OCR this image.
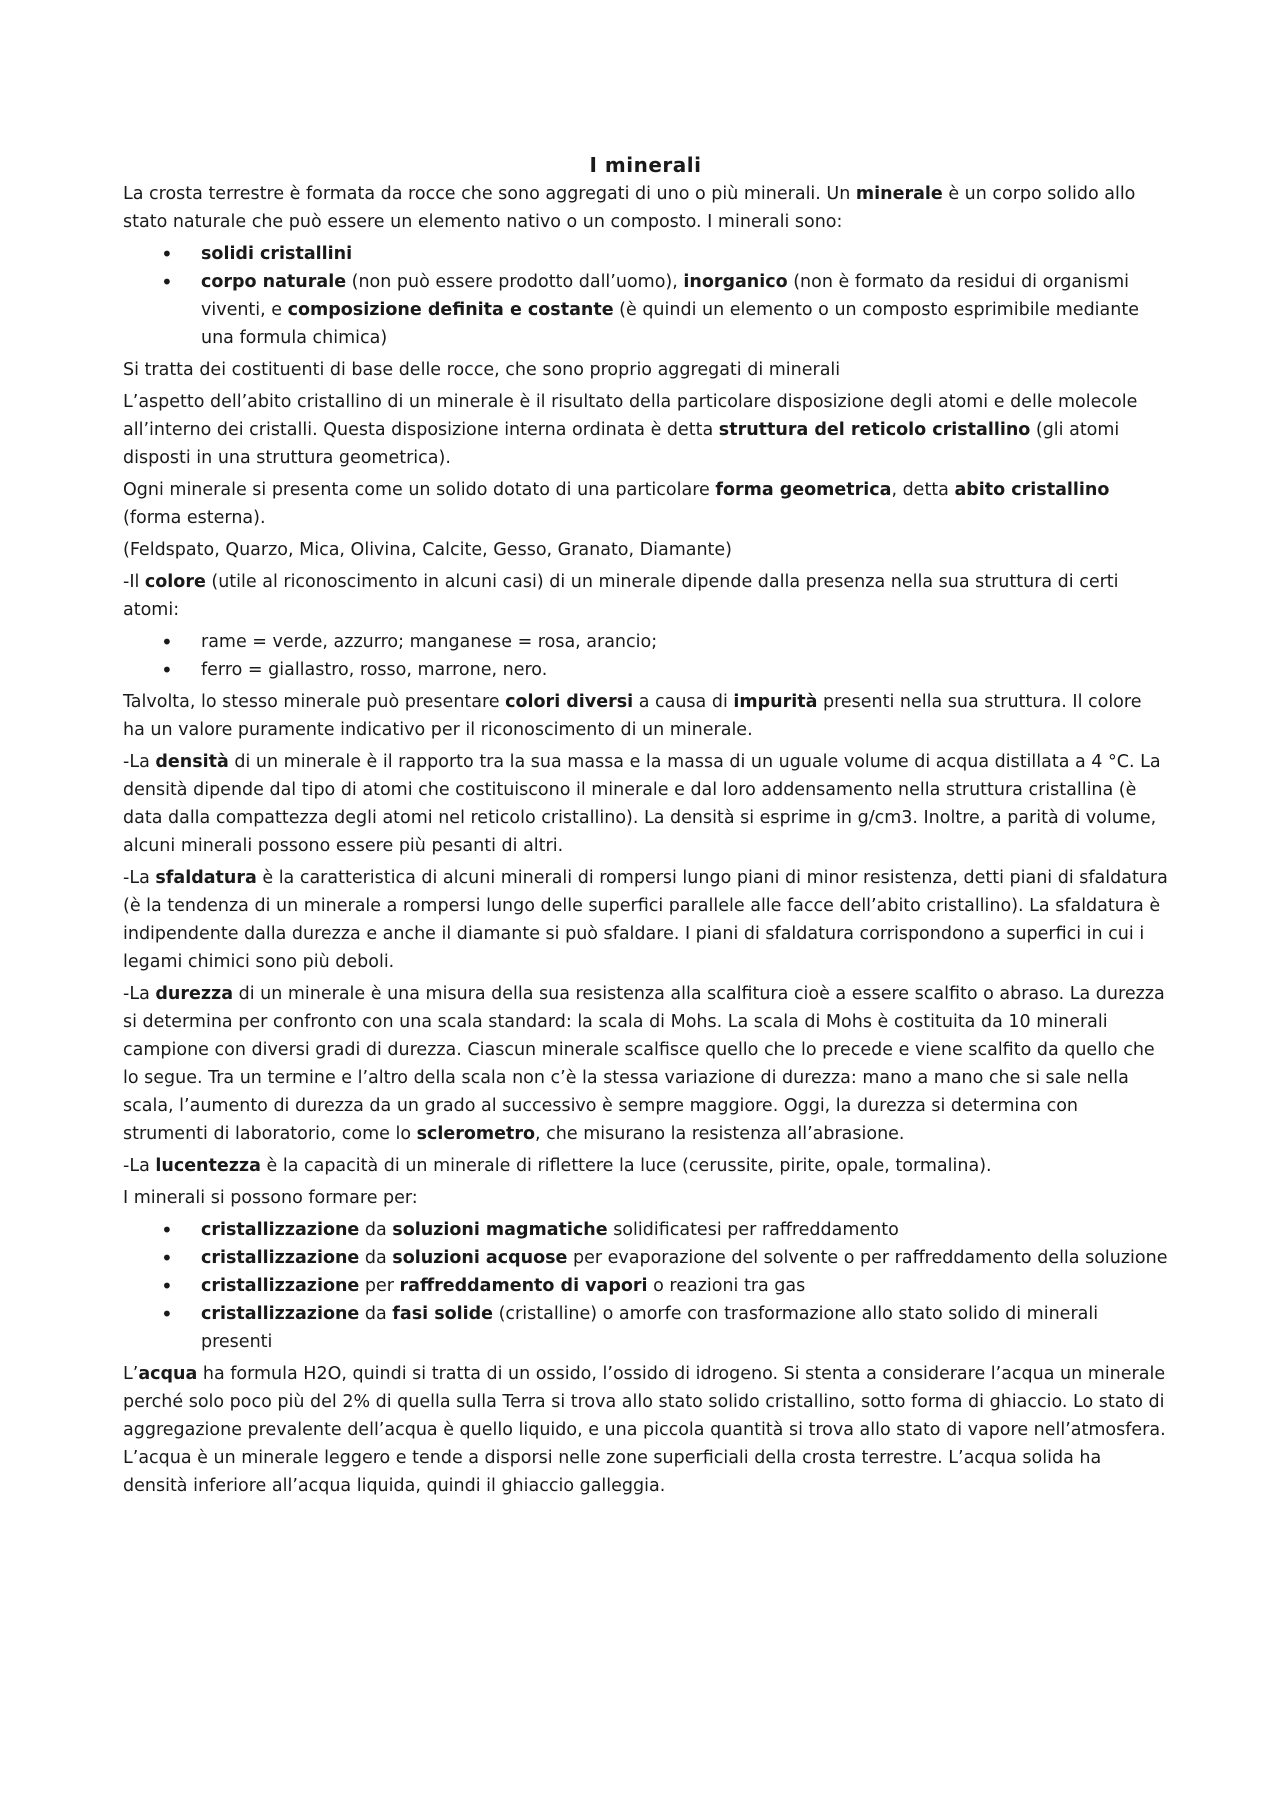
I minerali

La crosta terrestre è formata da rocce che sono aggregati di uno o più minerali. Un minerale è un corpo solido allo stato naturale che può essere un elemento nativo o un composto. I minerali sono:

• solidi cristallini
• corpo naturale (non può essere prodotto dall’uomo), inorganico (non è formato da residui di organismi viventi, e composizione definita e costante (è quindi un elemento o un composto esprimibile mediante una formula chimica)

Si tratta dei costituenti di base delle rocce, che sono proprio aggregati di minerali

L’aspetto dell’abito cristallino di un minerale è il risultato della particolare disposizione degli atomi e delle molecole all’interno dei cristalli. Questa disposizione interna ordinata è detta struttura del reticolo cristallino (gli atomi disposti in una struttura geometrica).

Ogni minerale si presenta come un solido dotato di una particolare forma geometrica, detta abito cristallino (forma esterna).

(Feldspato, Quarzo, Mica, Olivina, Calcite, Gesso, Granato, Diamante)

-Il colore (utile al riconoscimento in alcuni casi) di un minerale dipende dalla presenza nella sua struttura di certi atomi:

• rame = verde, azzurro; manganese = rosa, arancio;
• ferro = giallastro, rosso, marrone, nero.

Talvolta, lo stesso minerale può presentare colori diversi a causa di impurità presenti nella sua struttura. Il colore ha un valore puramente indicativo per il riconoscimento di un minerale.

-La densità di un minerale è il rapporto tra la sua massa e la massa di un uguale volume di acqua distillata a 4 °C. La densità dipende dal tipo di atomi che costituiscono il minerale e dal loro addensamento nella struttura cristallina (è data dalla compattezza degli atomi nel reticolo cristallino). La densità si esprime in g/cm3. Inoltre, a parità di volume, alcuni minerali possono essere più pesanti di altri.

-La sfaldatura è la caratteristica di alcuni minerali di rompersi lungo piani di minor resistenza, detti piani di sfaldatura (è la tendenza di un minerale a rompersi lungo delle superfici parallele alle facce dell’abito cristallino). La sfaldatura è indipendente dalla durezza e anche il diamante si può sfaldare. I piani di sfaldatura corrispondono a superfici in cui i legami chimici sono più deboli.

-La durezza di un minerale è una misura della sua resistenza alla scalfitura cioè a essere scalfito o abraso. La durezza si determina per confronto con una scala standard: la scala di Mohs. La scala di Mohs è costituita da 10 minerali campione con diversi gradi di durezza. Ciascun minerale scalfisce quello che lo precede e viene scalfito da quello che lo segue. Tra un termine e l’altro della scala non c’è la stessa variazione di durezza: mano a mano che si sale nella scala, l’aumento di durezza da un grado al successivo è sempre maggiore. Oggi, la durezza si determina con strumenti di laboratorio, come lo sclerometro, che misurano la resistenza all’abrasione.

-La lucentezza è la capacità di un minerale di riflettere la luce (cerussite, pirite, opale, tormalina).

I minerali si possono formare per:

• cristallizzazione da soluzioni magmatiche solidificatesi per raffreddamento
• cristallizzazione da soluzioni acquose per evaporazione del solvente o per raffreddamento della soluzione
• cristallizzazione per raffreddamento di vapori o reazioni tra gas
• cristallizzazione da fasi solide (cristalline) o amorfe con trasformazione allo stato solido di minerali presenti

L’acqua ha formula H2O, quindi si tratta di un ossido, l’ossido di idrogeno. Si stenta a considerare l’acqua un minerale perché solo poco più del 2% di quella sulla Terra si trova allo stato solido cristallino, sotto forma di ghiaccio. Lo stato di aggregazione prevalente dell’acqua è quello liquido, e una piccola quantità si trova allo stato di vapore nell’atmosfera. L’acqua è un minerale leggero e tende a disporsi nelle zone superficiali della crosta terrestre. L’acqua solida ha densità inferiore all’acqua liquida, quindi il ghiaccio galleggia.
